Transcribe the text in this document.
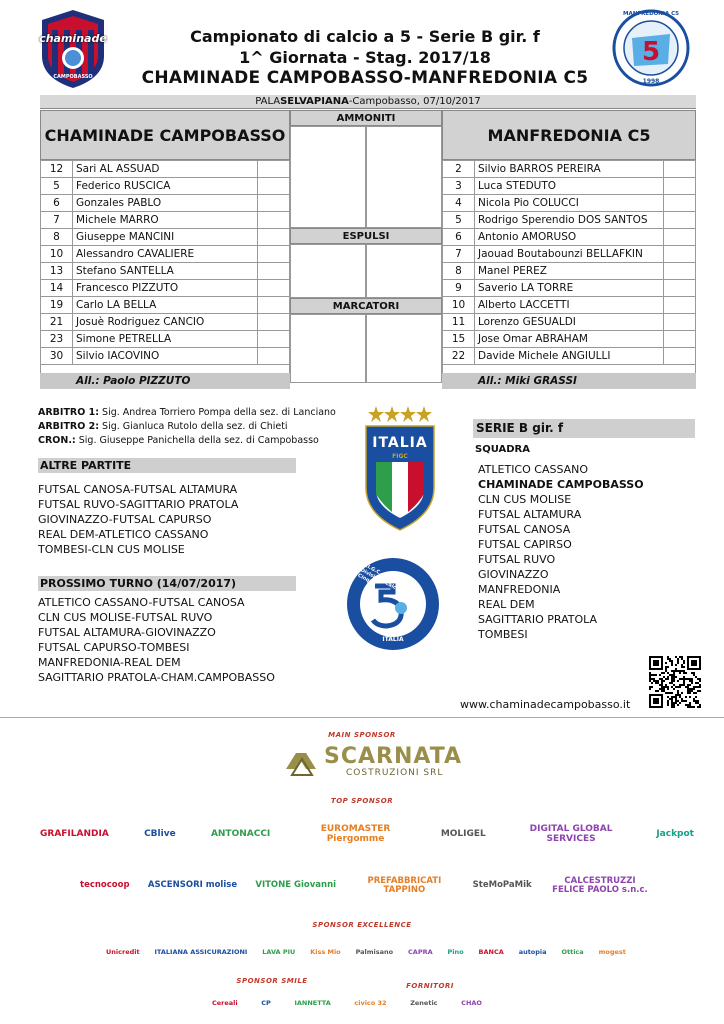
chaminade
CAMPOBASSO
Campionato di calcio a 5 - Serie B gir. f
1^ Giornata - Stag. 2017/18
CHAMINADE CAMPOBASSO-MANFREDONIA C5
5
MANFREDONIA C5
1998
PALASELVAPIANA-Campobasso, 07/10/2017
CHAMINADE CAMPOBASSO
12	Sari AL ASSUAD	
5	Federico RUSCICA	
6	Gonzales PABLO	
7	Michele MARRO	
8	Giuseppe MANCINI	
10	Alessandro CAVALIERE	
13	Stefano SANTELLA	
14	Francesco PIZZUTO	
19	Carlo LA BELLA	
21	Josuè Rodriguez CANCIO	
23	Simone PETRELLA	
30	Silvio IACOVINO	
All.: Paolo PIZZUTO
AMMONITI
ESPULSI
MARCATORI
MANFREDONIA C5
2	Silvio BARROS PEREIRA	
3	Luca STEDUTO	
4	Nicola Pio COLUCCI	
5	Rodrigo Sperendio DOS SANTOS	
6	Antonio AMORUSO	
7	Jaouad Boutabounzi BELLAFKIN	
8	Manel PEREZ	
9	Saverio LA TORRE	
10	Alberto LACCETTI	
11	Lorenzo GESUALDI	
15	Jose Omar ABRAHAM	
22	Davide Michele ANGIULLI	
All.: Miki GRASSI
ARBITRO 1: Sig. Andrea Torriero Pompa della sez. di Lanciano
ARBITRO 2: Sig. Gianluca Rutolo della sez. di Chieti
CRON.: Sig. Giuseppe Panichella della sez. di Campobasso
ALTRE PARTITE
FUTSAL CANOSA-FUTSAL ALTAMURA
FUTSAL RUVO-SAGITTARIO PRATOLA
GIOVINAZZO-FUTSAL CAPURSO
REAL DEM-ATLETICO CASSANO
TOMBESI-CLN CUS MOLISE
PROSSIMO TURNO (14/07/2017)
ATLETICO CASSANO-FUTSAL CANOSA
CLN CUS MOLISE-FUTSAL RUVO
FUTSAL ALTAMURA-GIOVINAZZO
FUTSAL CAPURSO-TOMBESI
MANFREDONIA-REAL DEM
SAGITTARIO PRATOLA-CHAM.CAMPOBASSO
ITALIA
FIGC
F.I.G.C. - L.N.D. - Divisione Calcio a Cinque
ITALIA
SERIE B gir. f
SQUADRA
ATLETICO CASSANO
CHAMINADE CAMPOBASSO
CLN CUS MOLISE
FUTSAL ALTAMURA
FUTSAL CANOSA
FUTSAL CAPIRSO
FUTSAL RUVO
GIOVINAZZO
MANFREDONIA
REAL DEM
SAGITTARIO PRATOLA
TOMBESI
www.chaminadecampobasso.it
MAIN SPONSOR
SCARNATA
COSTRUZIONI SRL
TOP SPONSOR
GRAFILANDIA	CBlive	ANTONACCI	EUROMASTER Piergomme	MOLIGEL	DIGITAL GLOBAL SERVICES	Jackpot
tecnocoop ASCENSORI molise VITONE Giovanni	PREFABBRICATI TAPPINO	SteMoPaMik	CALCESTRUZZI FELICE PAOLO s.n.c.
SPONSOR EXCELLENCE
Unicredit ITALIANA ASSICURAZIONI LAVA PIU Kiss Mio Palmisano CAPRA Pino BANCA autopia Ottica mogest
SPONSOR SMILE
FORNITORI
Cereali	CP	IANNETTA	civico 32	Zenetic	CHAO
